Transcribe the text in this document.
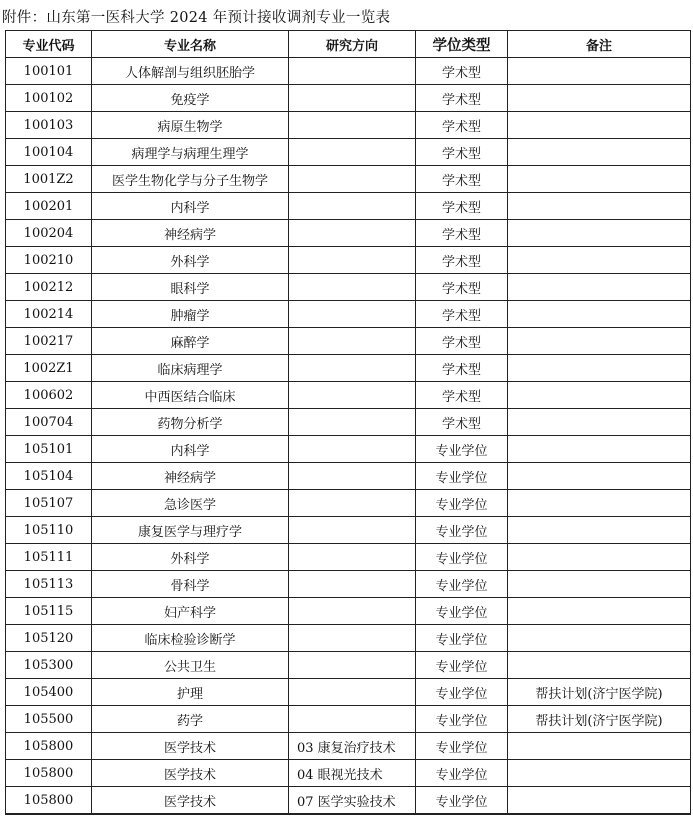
附件：山东第一医科大学 2024 年预计接收调剂专业一览表
专业代码	专业名称	研究方向	学位类型	备注
100101	人体解剖与组织胚胎学		学术型	
100102	免疫学		学术型	
100103	病原生物学		学术型	
100104	病理学与病理生理学		学术型	
1001Z2	医学生物化学与分子生物学		学术型	
100201	内科学		学术型	
100204	神经病学		学术型	
100210	外科学		学术型	
100212	眼科学		学术型	
100214	肿瘤学		学术型	
100217	麻醉学		学术型	
1002Z1	临床病理学		学术型	
100602	中西医结合临床		学术型	
100704	药物分析学		学术型	
105101	内科学		专业学位	
105104	神经病学		专业学位	
105107	急诊医学		专业学位	
105110	康复医学与理疗学		专业学位	
105111	外科学		专业学位	
105113	骨科学		专业学位	
105115	妇产科学		专业学位	
105120	临床检验诊断学		专业学位	
105300	公共卫生		专业学位	
105400	护理		专业学位	帮扶计划(济宁医学院)
105500	药学		专业学位	帮扶计划(济宁医学院)
105800	医学技术	03 康复治疗技术	专业学位	
105800	医学技术	04 眼视光技术	专业学位	
105800	医学技术	07 医学实验技术	专业学位	
